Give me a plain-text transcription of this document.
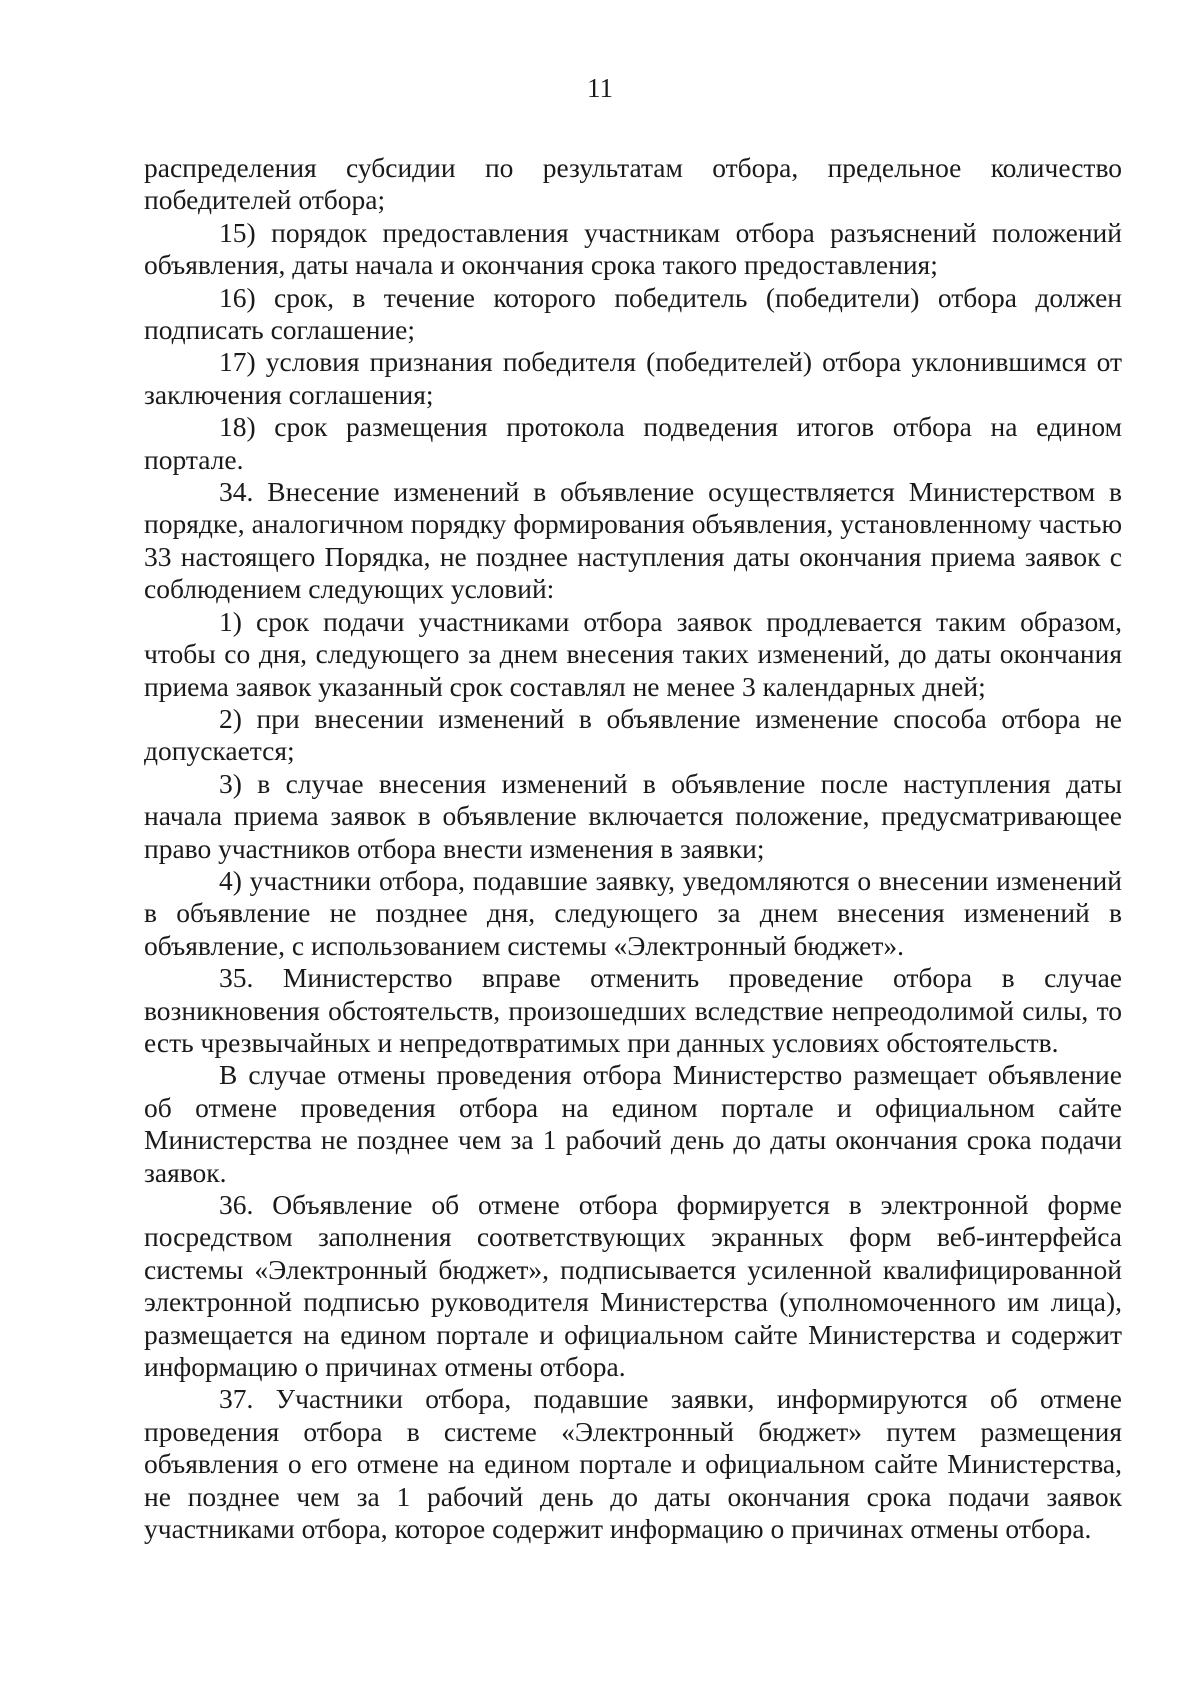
11

распределения субсидии по результатам отбора, предельное количество победителей отбора;

15) порядок предоставления участникам отбора разъяснений положений объявления, даты начала и окончания срока такого предоставления;

16) срок, в течение которого победитель (победители) отбора должен подписать соглашение;

17) условия признания победителя (победителей) отбора уклонившимся от заключения соглашения;

18) срок размещения протокола подведения итогов отбора на едином портале.

34. Внесение изменений в объявление осуществляется Министерством в порядке, аналогичном порядку формирования объявления, установленному частью 33 настоящего Порядка, не позднее наступления даты окончания приема заявок с соблюдением следующих условий:

1) срок подачи участниками отбора заявок продлевается таким образом, чтобы со дня, следующего за днем внесения таких изменений, до даты окончания приема заявок указанный срок составлял не менее 3 календарных дней;

2) при внесении изменений в объявление изменение способа отбора не допускается;

3) в случае внесения изменений в объявление после наступления даты начала приема заявок в объявление включается положение, предусматривающее право участников отбора внести изменения в заявки;

4) участники отбора, подавшие заявку, уведомляются о внесении изменений в объявление не позднее дня, следующего за днем внесения изменений в объявление, с использованием системы «Электронный бюджет».

35. Министерство вправе отменить проведение отбора в случае возникновения обстоятельств, произошедших вследствие непреодолимой силы, то есть чрезвычайных и непредотвратимых при данных условиях обстоятельств.

В случае отмены проведения отбора Министерство размещает объявление об отмене проведения отбора на едином портале и официальном сайте Министерства не позднее чем за 1 рабочий день до даты окончания срока подачи заявок.

36. Объявление об отмене отбора формируется в электронной форме посредством заполнения соответствующих экранных форм веб-интерфейса системы «Электронный бюджет», подписывается усиленной квалифицированной электронной подписью руководителя Министерства (уполномоченного им лица), размещается на едином портале и официальном сайте Министерства и содержит информацию о причинах отмены отбора.

37. Участники отбора, подавшие заявки, информируются об отмене проведения отбора в системе «Электронный бюджет» путем размещения объявления о его отмене на едином портале и официальном сайте Министерства, не позднее чем за 1 рабочий день до даты окончания срока подачи заявок участниками отбора, которое содержит информацию о причинах отмены отбора.
